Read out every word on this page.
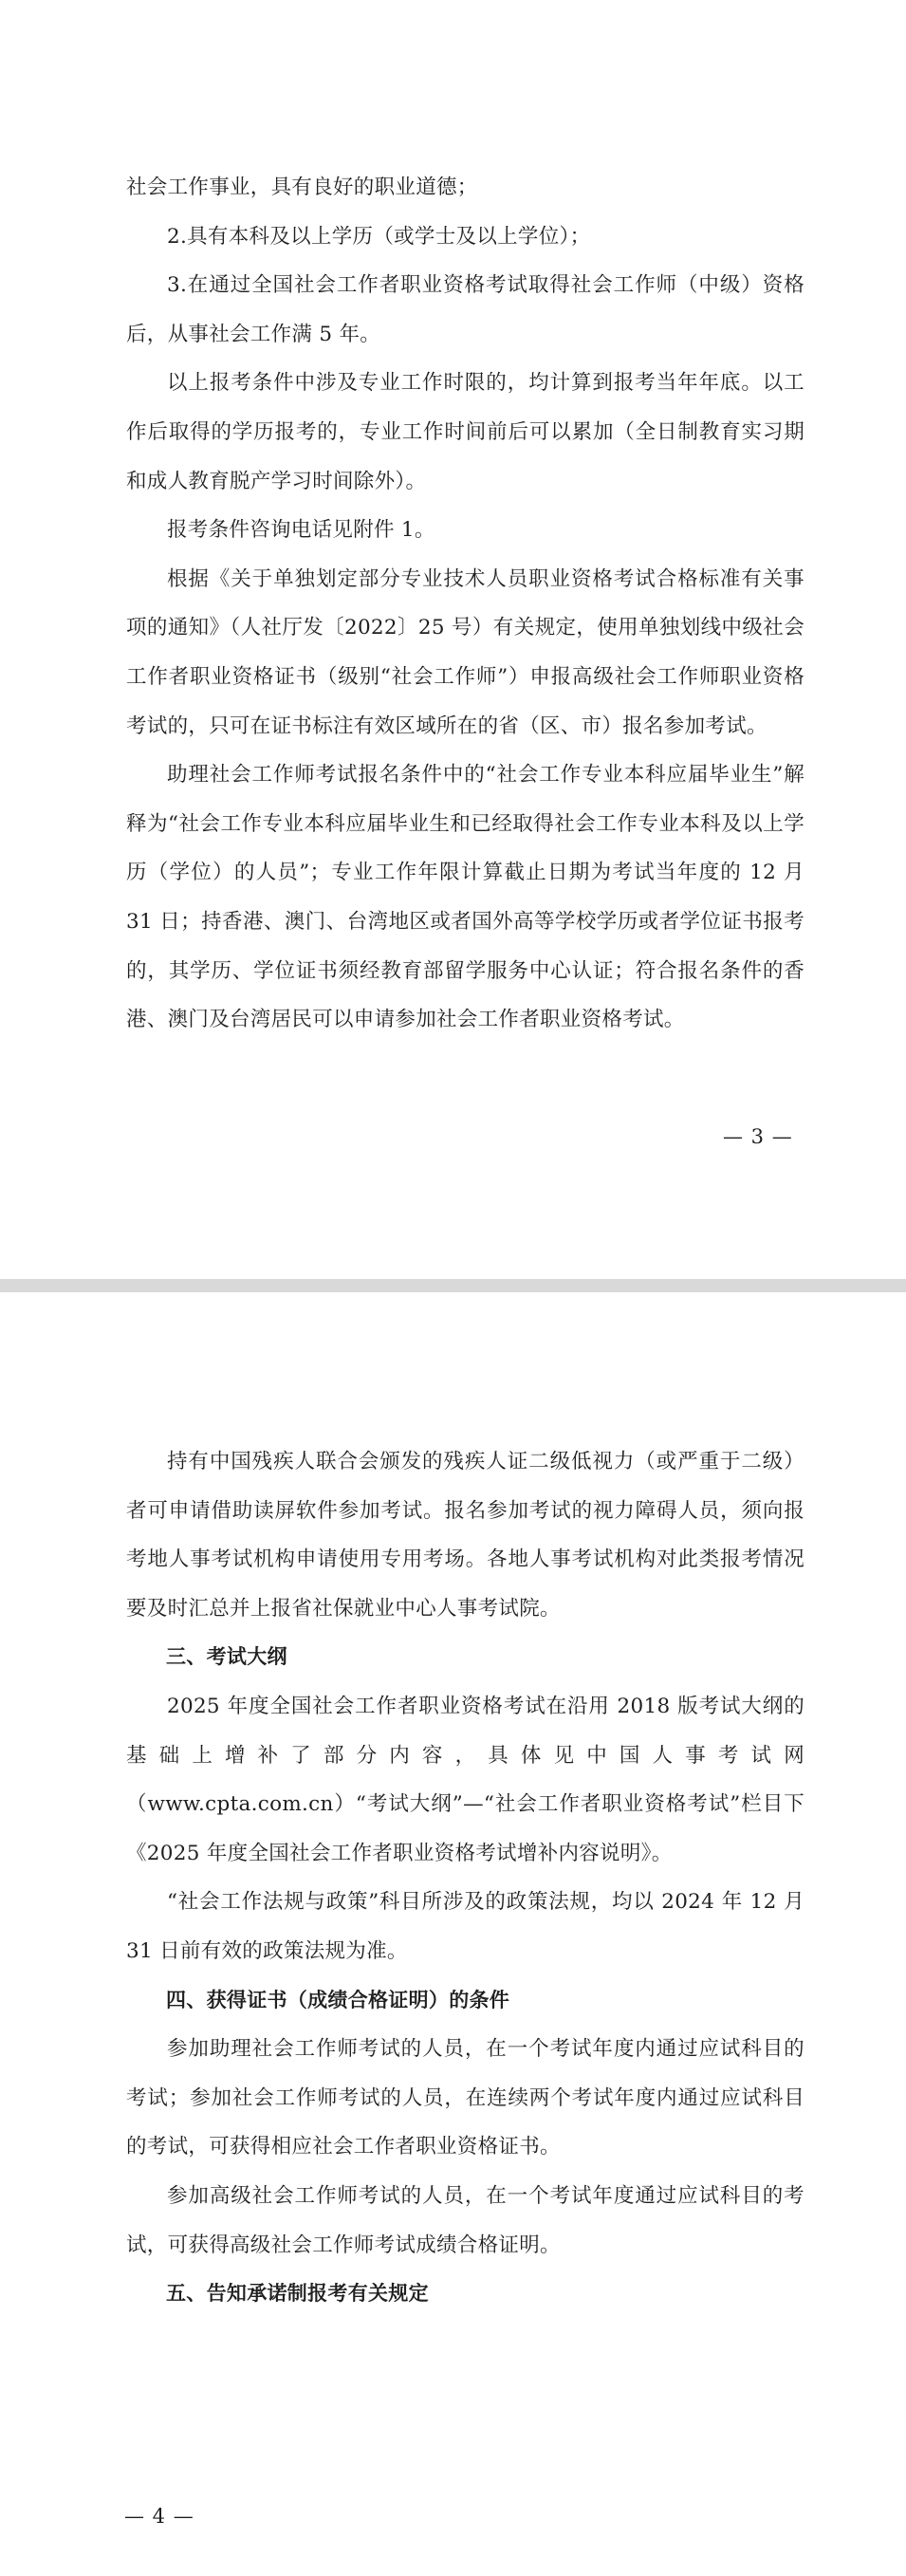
社会工作事业，具有良好的职业道德；

2.具有本科及以上学历（或学士及以上学位）；

3.在通过全国社会工作者职业资格考试取得社会工作师（中级）资格后，从事社会工作满 5 年。

以上报考条件中涉及专业工作时限的，均计算到报考当年年底。以工作后取得的学历报考的，专业工作时间前后可以累加（全日制教育实习期和成人教育脱产学习时间除外）。

报考条件咨询电话见附件 1。

根据《关于单独划定部分专业技术人员职业资格考试合格标准有关事项的通知》（人社厅发〔2022〕25 号）有关规定，使用单独划线中级社会工作者职业资格证书（级别“社会工作师”）申报高级社会工作师职业资格考试的，只可在证书标注有效区域所在的省（区、市）报名参加考试。

助理社会工作师考试报名条件中的“社会工作专业本科应届毕业生”解释为“社会工作专业本科应届毕业生和已经取得社会工作专业本科及以上学历（学位）的人员”；专业工作年限计算截止日期为考试当年度的 12 月 31 日；持香港、澳门、台湾地区或者国外高等学校学历或者学位证书报考的，其学历、学位证书须经教育部留学服务中心认证；符合报名条件的香港、澳门及台湾居民可以申请参加社会工作者职业资格考试。

— 3 —

持有中国残疾人联合会颁发的残疾人证二级低视力（或严重于二级）者可申请借助读屏软件参加考试。报名参加考试的视力障碍人员，须向报考地人事考试机构申请使用专用考场。各地人事考试机构对此类报考情况要及时汇总并上报省社保就业中心人事考试院。

三、考试大纲

2025 年度全国社会工作者职业资格考试在沿用 2018 版考试大纲的基础上增补了部分内容，具体见中国人事考试网（www.cpta.com.cn）“考试大纲”—“社会工作者职业资格考试”栏目下《2025 年度全国社会工作者职业资格考试增补内容说明》。

“社会工作法规与政策”科目所涉及的政策法规，均以 2024 年 12 月 31 日前有效的政策法规为准。

四、获得证书（成绩合格证明）的条件

参加助理社会工作师考试的人员，在一个考试年度内通过应试科目的考试；参加社会工作师考试的人员，在连续两个考试年度内通过应试科目的考试，可获得相应社会工作者职业资格证书。

参加高级社会工作师考试的人员，在一个考试年度通过应试科目的考试，可获得高级社会工作师考试成绩合格证明。

五、告知承诺制报考有关规定

— 4 —
